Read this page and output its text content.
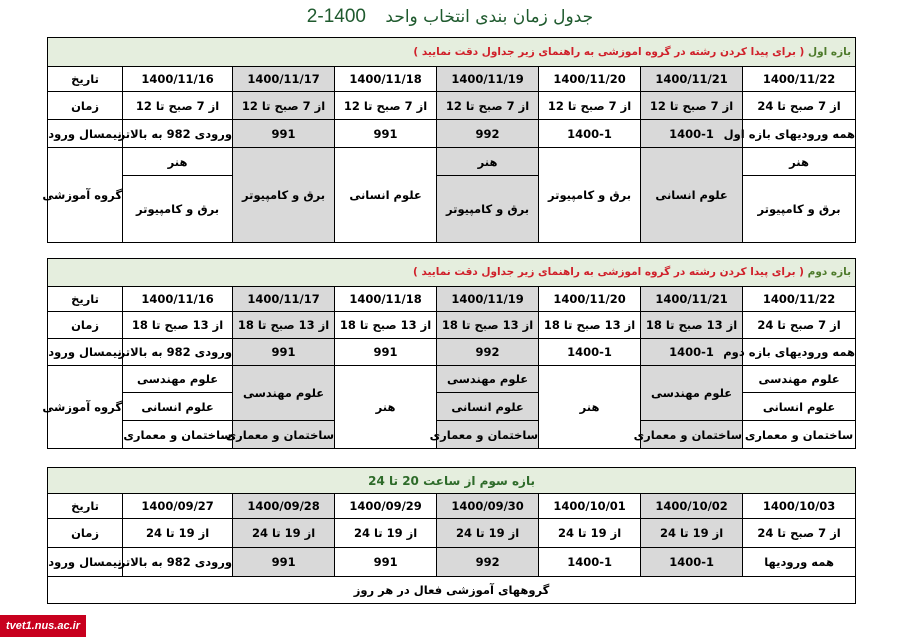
جدول زمان بندی انتخاب واحد 1400-2
بازه اول ( برای پیدا کردن رشته در گروه اموزشی به راهنمای زیر جداول دقت نمایید )							
1400/11/22	1400/11/21	1400/11/20	1400/11/19	1400/11/18	1400/11/17	1400/11/16	تاریخ
از 7 صبح تا 24	از 7 صبح تا 12	از 7 صبح تا 12	از 7 صبح تا 12	از 7 صبح تا 12	از 7 صبح تا 12	از 7 صبح تا 12	زمان
همه ورودیهای بازه اول	1400-1	1400-1	992	991	991	ورودی 982 به بالاتر	نیمسال ورود
هنر	علوم انسانی	برق و کامپیوتر	هنر	علوم انسانی	برق و کامپیوتر	هنر	گروه آموزشی
برق و کامپیوتر			برق و کامپیوتر			برق و کامپیوتر	
بازه دوم ( برای پیدا کردن رشته در گروه اموزشی به راهنمای زیر جداول دقت نمایید )							
1400/11/22	1400/11/21	1400/11/20	1400/11/19	1400/11/18	1400/11/17	1400/11/16	تاریخ
از 7 صبح تا 24	از 13 صبح تا 18	از 13 صبح تا 18	از 13 صبح تا 18	از 13 صبح تا 18	از 13 صبح تا 18	از 13 صبح تا 18	زمان
همه ورودیهای بازه دوم	1400-1	1400-1	992	991	991	ورودی 982 به بالاتر	نیمسال ورود
علوم مهندسی	علوم مهندسی	هنر	علوم مهندسی	هنر	علوم مهندسی	علوم مهندسی	گروه آموزشی
علوم انسانی			علوم انسانی			علوم انسانی	
ساختمان و معماری	ساختمان و معماری		ساختمان و معماری		ساختمان و معماری	ساختمان و معماری	
بازه سوم از ساعت 20 تا 24							
1400/10/03	1400/10/02	1400/10/01	1400/09/30	1400/09/29	1400/09/28	1400/09/27	تاریخ
از 7 صبح تا 24	از 19 تا 24	از 19 تا 24	از 19 تا 24	از 19 تا 24	از 19 تا 24	از 19 تا 24	زمان
همه ورودیها	1400-1	1400-1	992	991	991	ورودی 982 به بالاتر	نیمسال ورود
گروههای آموزشی فعال در هر روز							
tvet1.nus.ac.ir
